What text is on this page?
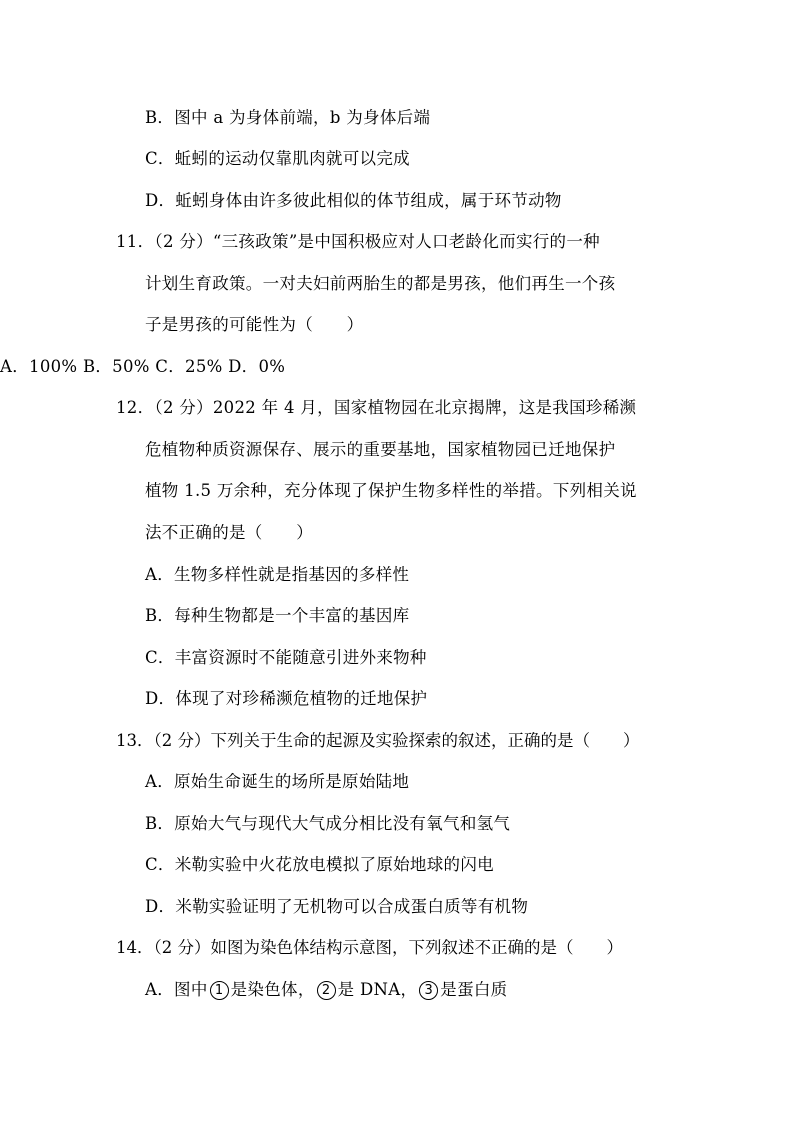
B．图中 a 为身体前端，b 为身体后端
C．蚯蚓的运动仅靠肌肉就可以完成
D．蚯蚓身体由许多彼此相似的体节组成，属于环节动物
11．（2 分）“三孩政策”是中国积极应对人口老龄化而实行的一种
计划生育政策。一对夫妇前两胎生的都是男孩，他们再生一个孩
子是男孩的可能性为（　　）
A．100% B．50% C．25% D．0%
12．（2 分）2022 年 4 月，国家植物园在北京揭牌，这是我国珍稀濒
危植物种质资源保存、展示的重要基地，国家植物园已迁地保护
植物 1.5 万余种，充分体现了保护生物多样性的举措。下列相关说
法不正确的是（　　）
A．生物多样性就是指基因的多样性
B．每种生物都是一个丰富的基因库
C．丰富资源时不能随意引进外来物种
D．体现了对珍稀濒危植物的迁地保护
13．（2 分）下列关于生命的起源及实验探索的叙述，正确的是（　　）
A．原始生命诞生的场所是原始陆地
B．原始大气与现代大气成分相比没有氧气和氢气
C．米勒实验中火花放电模拟了原始地球的闪电
D．米勒实验证明了无机物可以合成蛋白质等有机物
14．（2 分）如图为染色体结构示意图，下列叙述不正确的是（　　）
A．图中 1 是染色体， 2 是 DNA， 3 是蛋白质
